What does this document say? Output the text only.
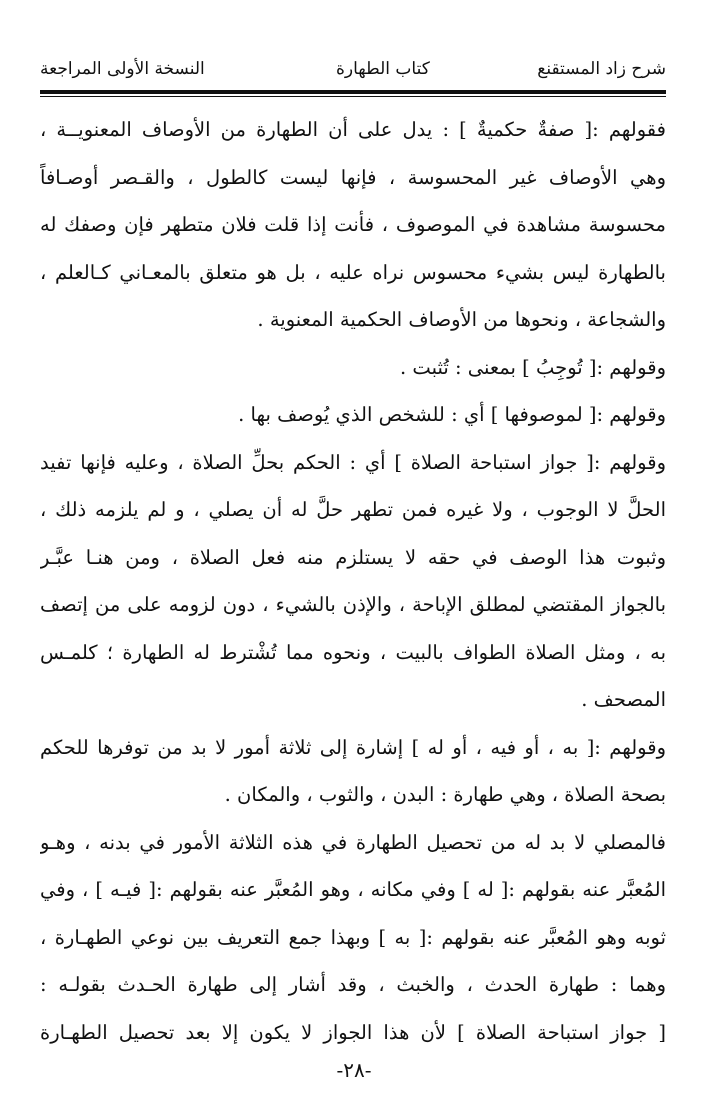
شرح زاد المستقنع
كتاب الطهارة
النسخة الأولى المراجعة
فقولهم :[ صفةٌ حكميةٌ ] : يدل على أن الطهارة من الأوصاف المعنويــة ،
وهي الأوصاف غير المحسوسة ، فإنها ليست كالطول ، والقـصر أوصـافاً
محسوسة مشاهدة في الموصوف ، فأنت إذا قلت فلان متطهر فإن وصفك له
بالطهارة ليس بشيء محسوس نراه عليه ، بل هو متعلق بالمعـاني كـالعلم ،
والشجاعة ، ونحوها من الأوصاف الحكمية المعنوية .
وقولهم :[ تُوجِبُ ] بمعنى : تُثبت .
وقولهم :[ لموصوفها ] أي : للشخص الذي يُوصف بها .
وقولهم :[ جواز استباحة الصلاة ] أي : الحكم بحلِّ الصلاة ، وعليه فإنها تفيد
الحلَّ لا الوجوب ، ولا غيره فمن تطهر حلَّ له أن يصلي ، و لم يلزمه ذلك ،
وثبوت هذا الوصف في حقه لا يستلزم منه فعل الصلاة ، ومن هنـا عبَّـر
بالجواز المقتضي لمطلق الإباحة ، والإذن بالشيء ، دون لزومه على من إتصف
به ، ومثل الصلاة الطواف بالبيت ، ونحوه مما تُشْترط له الطهارة ؛ كلمـس
المصحف .
وقولهم :[ به ، أو فيه ، أو له ] إشارة إلى ثلاثة أمور لا بد من توفرها للحكم
بصحة الصلاة ، وهي طهارة : البدن ، والثوب ، والمكان .
فالمصلي لا بد له من تحصيل الطهارة في هذه الثلاثة الأمور في بدنه ، وهـو
المُعبَّر عنه بقولهم :[ له ] وفي مكانه ، وهو المُعبَّر عنه بقولهم :[ فيـه ] ، وفي
ثوبه وهو المُعبَّر عنه بقولهم :[ به ] وبهذا جمع التعريف بين نوعي الطهـارة ،
وهما : طهارة الحدث ، والخبث ، وقد أشار إلى طهارة الحـدث بقولـه :
[ جواز استباحة الصلاة ] لأن هذا الجواز لا يكون إلا بعد تحصيل الطهـارة
-٢٨-
